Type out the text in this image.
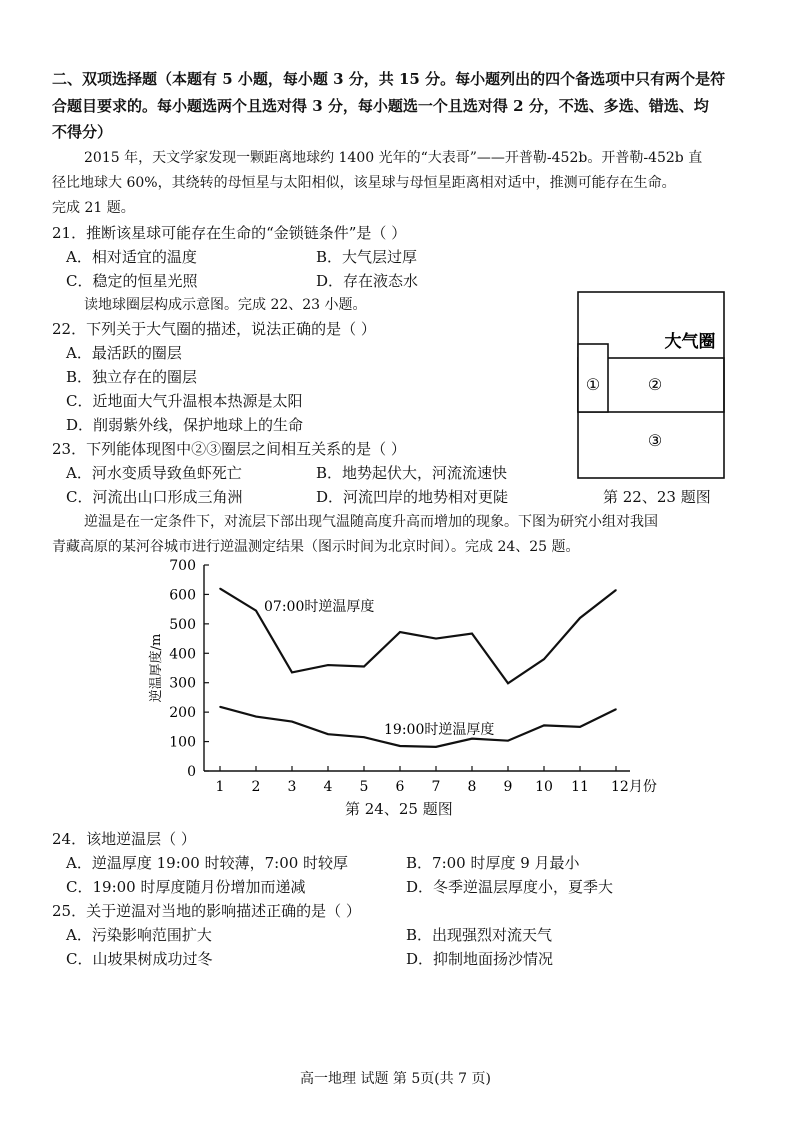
二、双项选择题（本题有 5 小题，每小题 3 分，共 15 分。每小题列出的四个备选项中只有两个是符
合题目要求的。每小题选两个且选对得 3 分，每小题选一个且选对得 2 分，不选、多选、错选、均
不得分）
2015 年，天文学家发现一颗距离地球约 1400 光年的“大表哥”——开普勒-452b。开普勒-452b 直
径比地球大 60%，其绕转的母恒星与太阳相似，该星球与母恒星距离相对适中，推测可能存在生命。
完成 21 题。
21．推断该星球可能存在生命的“金锁链条件”是（ ）
A．相对适宜的温度	B．大气层过厚
C．稳定的恒星光照	D．存在液态水
读地球圈层构成示意图。完成 22、23 小题。
22．下列关于大气圈的描述，说法正确的是（ ）
A．最活跃的圈层
B．独立存在的圈层
C．近地面大气升温根本热源是太阳
D．削弱紫外线，保护地球上的生命
23．下列能体现图中②③圈层之间相互关系的是（ ）
A．河水变质导致鱼虾死亡	B．地势起伏大，河流流速快
C．河流出山口形成三角洲	D．河流凹岸的地势相对更陡
大气圈
①	②
③
第 22、23 题图
逆温是在一定条件下，对流层下部出现气温随高度升高而增加的现象。下图为研究小组对我国
青藏高原的某河谷城市进行逆温测定结果（图示时间为北京时间）。完成 24、25 题。
0
100
200
300
400
500
600
700
1 2 3 4 5 6 7 8 9 10 11 12月份
逆温厚度/m
07:00时逆温厚度
19:00时逆温厚度
第 24、25 题图
24．该地逆温层（ ）
A．逆温厚度 19:00 时较薄，7:00 时较厚	B．7:00 时厚度 9 月最小
C．19:00 时厚度随月份增加而递减	D．冬季逆温层厚度小，夏季大
25．关于逆温对当地的影响描述正确的是（ ）
A．污染影响范围扩大	B．出现强烈对流天气
C．山坡果树成功过冬	D．抑制地面扬沙情况
高一地理 试题 第 5页(共 7 页)
